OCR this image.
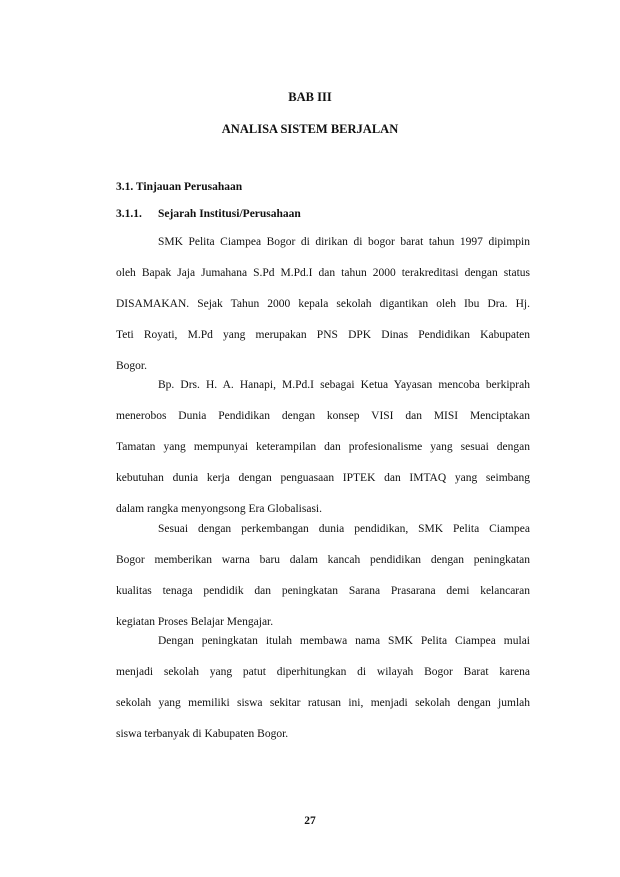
BAB III
ANALISA SISTEM BERJALAN
3.1. Tinjauan Perusahaan
3.1.1. Sejarah Institusi/Perusahaan
SMK Pelita Ciampea Bogor di dirikan di bogor barat tahun 1997 dipimpin
oleh Bapak Jaja Jumahana S.Pd M.Pd.I dan tahun 2000 terakreditasi dengan status
DISAMAKAN. Sejak Tahun 2000 kepala sekolah digantikan oleh Ibu Dra. Hj.
Teti Royati, M.Pd yang merupakan PNS DPK Dinas Pendidikan Kabupaten
Bogor.
Bp. Drs. H. A. Hanapi, M.Pd.I sebagai Ketua Yayasan mencoba berkiprah
menerobos Dunia Pendidikan dengan konsep VISI dan MISI Menciptakan
Tamatan yang mempunyai keterampilan dan profesionalisme yang sesuai dengan
kebutuhan dunia kerja dengan penguasaan IPTEK dan IMTAQ yang seimbang
dalam rangka menyongsong Era Globalisasi.
Sesuai dengan perkembangan dunia pendidikan, SMK Pelita Ciampea
Bogor memberikan warna baru dalam kancah pendidikan dengan peningkatan
kualitas tenaga pendidik dan peningkatan Sarana Prasarana demi kelancaran
kegiatan Proses Belajar Mengajar.
Dengan peningkatan itulah membawa nama SMK Pelita Ciampea mulai
menjadi sekolah yang patut diperhitungkan di wilayah Bogor Barat karena
sekolah yang memiliki siswa sekitar ratusan ini, menjadi sekolah dengan jumlah
siswa terbanyak di Kabupaten Bogor.
27
